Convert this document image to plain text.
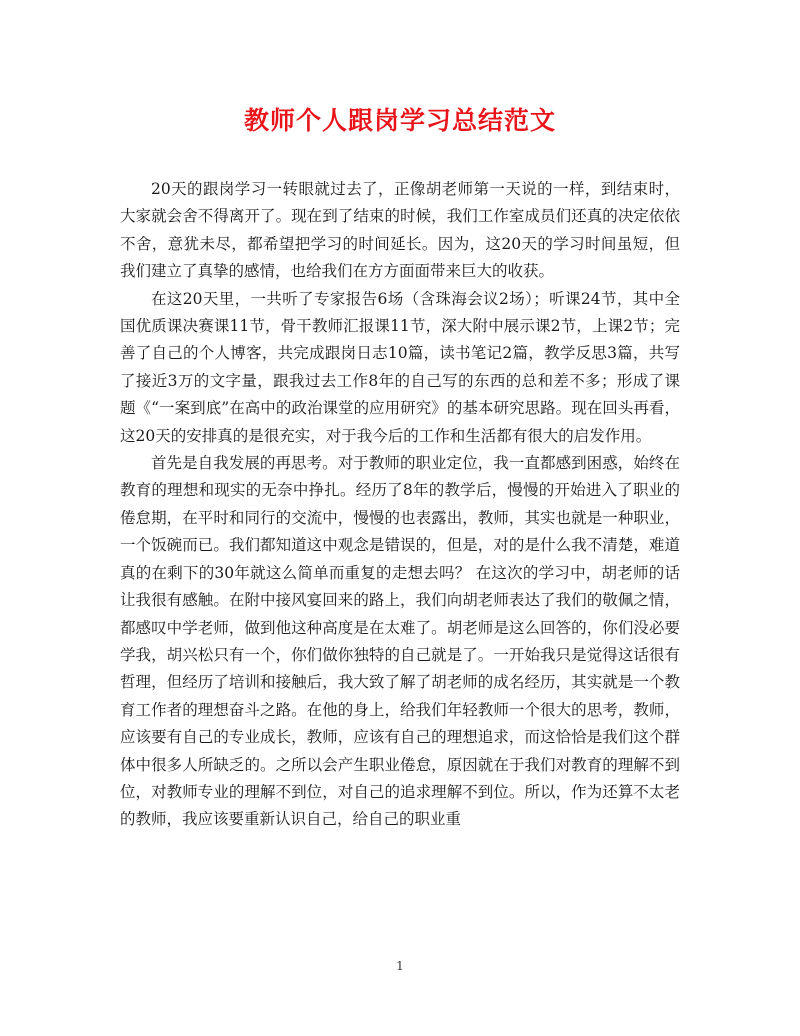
教师个人跟岗学习总结范文

20天的跟岗学习一转眼就过去了，正像胡老师第一天说的一样，到结束时，大家就会舍不得离开了。现在到了结束的时候，我们工作室成员们还真的决定依依不舍，意犹未尽，都希望把学习的时间延长。因为，这20天的学习时间虽短，但我们建立了真挚的感情，也给我们在方方面面带来巨大的收获。

在这20天里，一共听了专家报告6场（含珠海会议2场）；听课24节，其中全国优质课决赛课11节，骨干教师汇报课11节，深大附中展示课2节，上课2节；完善了自己的个人博客，共完成跟岗日志10篇，读书笔记2篇，教学反思3篇，共写了接近3万的文字量，跟我过去工作8年的自己写的东西的总和差不多；形成了课题《“一案到底”在高中的政治课堂的应用研究》的基本研究思路。现在回头再看，这20天的安排真的是很充实，对于我今后的工作和生活都有很大的启发作用。

首先是自我发展的再思考。对于教师的职业定位，我一直都感到困惑，始终在教育的理想和现实的无奈中挣扎。经历了8年的教学后，慢慢的开始进入了职业的倦怠期，在平时和同行的交流中，慢慢的也表露出，教师，其实也就是一种职业，一个饭碗而已。我们都知道这中观念是错误的，但是，对的是什么我不清楚，难道真的在剩下的30年就这么简单而重复的走想去吗？ 在这次的学习中，胡老师的话让我很有感触。在附中接风宴回来的路上，我们向胡老师表达了我们的敬佩之情，都感叹中学老师，做到他这种高度是在太难了。胡老师是这么回答的，你们没必要学我，胡兴松只有一个，你们做你独特的自己就是了。一开始我只是觉得这话很有哲理，但经历了培训和接触后，我大致了解了胡老师的成名经历，其实就是一个教育工作者的理想奋斗之路。在他的身上，给我们年轻教师一个很大的思考，教师，应该要有自己的专业成长，教师，应该有自己的理想追求，而这恰恰是我们这个群体中很多人所缺乏的。之所以会产生职业倦怠，原因就在于我们对教育的理解不到位，对教师专业的理解不到位，对自己的追求理解不到位。所以，作为还算不太老的教师，我应该要重新认识自己，给自己的职业重

1
